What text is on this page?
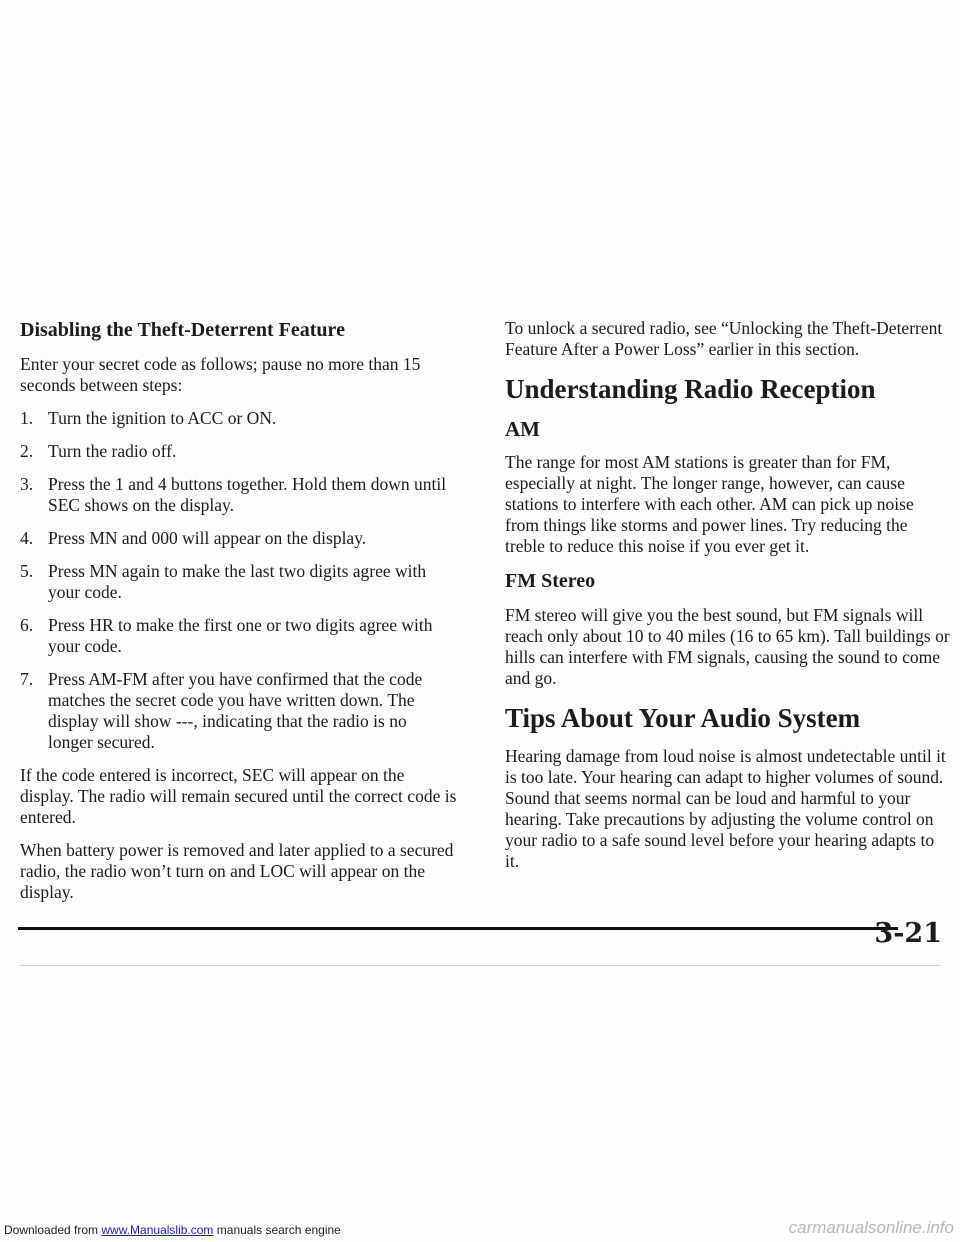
Disabling the Theft-Deterrent Feature

Enter your secret code as follows; pause no more than 15 seconds between steps:

1. Turn the ignition to ACC or ON.
2. Turn the radio off.
3. Press the 1 and 4 buttons together. Hold them down until SEC shows on the display.
4. Press MN and 000 will appear on the display.
5. Press MN again to make the last two digits agree with your code.
6. Press HR to make the first one or two digits agree with your code.
7. Press AM-FM after you have confirmed that the code matches the secret code you have written down. The display will show ---, indicating that the radio is no longer secured.

If the code entered is incorrect, SEC will appear on the display. The radio will remain secured until the correct code is entered.

When battery power is removed and later applied to a secured radio, the radio won’t turn on and LOC will appear on the display.

To unlock a secured radio, see “Unlocking the Theft-Deterrent Feature After a Power Loss” earlier in this section.

Understanding Radio Reception
AM

The range for most AM stations is greater than for FM, especially at night. The longer range, however, can cause stations to interfere with each other. AM can pick up noise from things like storms and power lines. Try reducing the treble to reduce this noise if you ever get it.

FM Stereo

FM stereo will give you the best sound, but FM signals will reach only about 10 to 40 miles (16 to 65 km). Tall buildings or hills can interfere with FM signals, causing the sound to come and go.

Tips About Your Audio System

Hearing damage from loud noise is almost undetectable until it is too late. Your hearing can adapt to higher volumes of sound. Sound that seems normal can be loud and harmful to your hearing. Take precautions by adjusting the volume control on your radio to a safe sound level before your hearing adapts to it.

3-21
Downloaded from www.Manualslib.com manuals search engine	carmanualsonline.info
